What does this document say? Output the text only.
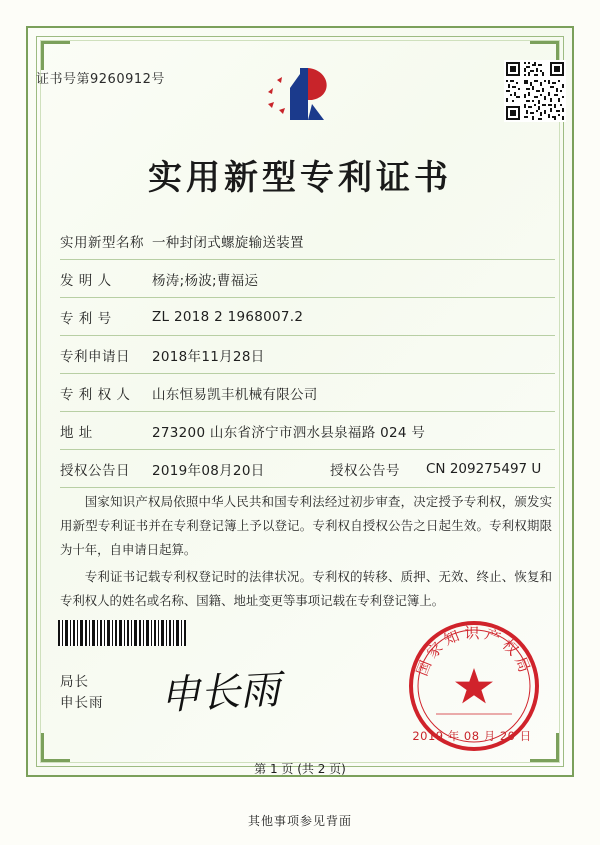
证书号第9260912号
实用新型专利证书
实用新型名称 一种封闭式螺旋输送装置
发 明 人	杨涛;杨波;曹福运
专 利 号	ZL 2018 2 1968007.2
专利申请日	2018年11月28日
专 利 权 人	山东恒易凯丰机械有限公司
地 址	273200 山东省济宁市泗水县泉福路 024 号
授权公告日	2019年08月20日	授权公告号	CN 209275497 U

国家知识产权局依照中华人民共和国专利法经过初步审查，决定授予专利权，颁发实用新型专利证书并在专利登记簿上予以登记。专利权自授权公告之日起生效。专利权期限为十年，自申请日起算。

专利证书记载专利权登记时的法律状况。专利权的转移、质押、无效、终止、恢复和专利权人的姓名或名称、国籍、地址变更等事项记载在专利登记簿上。

局长
申长雨 申长雨
国家知识产权局
2019 年 08 月 20 日
第 1 页 (共 2 页)
其他事项参见背面
